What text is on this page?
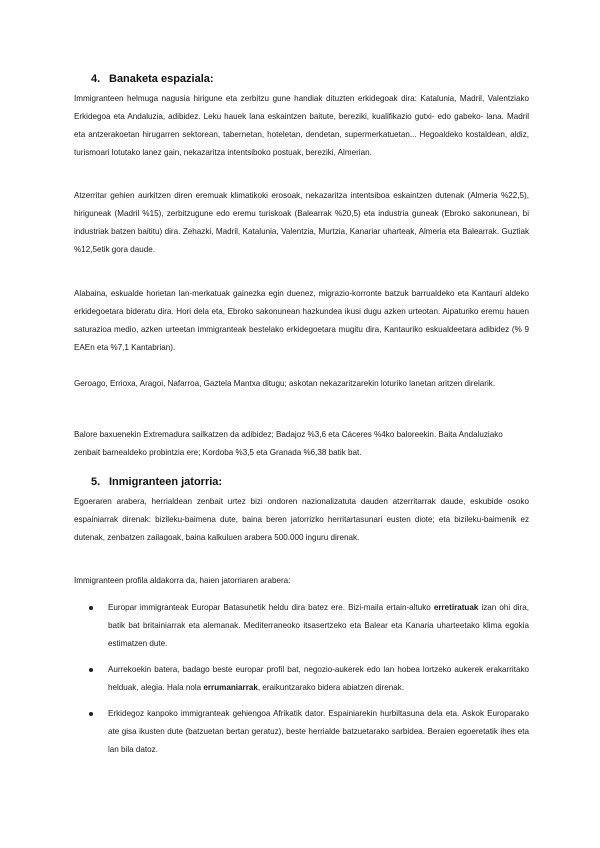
4. Banaketa espaziala:

Immigranteen helmuga nagusia hirigune eta zerbitzu gune handiak dituzten erkidegoak dira: Katalunia, Madril, Valentziako Erkidegoa eta Andaluzia, adibidez. Leku hauek lana eskaintzen baitute, bereziki, kualifikazio gutxi- edo gabeko- lana. Madril eta antzerakoetan hirugarren sektorean, tabernetan, hoteletan, dendetan, supermerkatuetan... Hegoaldeko kostaldean, aldiz, turismoari lotutako lanez gain, nekazaritza intentsiboko postuak, bereziki, Almerian.

Atzerritar gehien aurkitzen diren eremuak klimatikoki erosoak, nekazaritza intentsiboa eskaintzen dutenak (Almeria %22,5), hiriguneak (Madril %15), zerbitzugune edo eremu turiskoak (Balearrak %20,5) eta industria guneak (Ebroko sakonunean, bi industriak batzen baititu) dira. Zehazki, Madril, Katalunia, Valentzia, Murtzia, Kanariar uharteak, Almeria eta Balearrak. Guztiak %12,5etik gora daude.

Alabaina, eskualde horietan lan-merkatuak gainezka egin duenez, migrazio-korronte batzuk barrualdeko eta Kantauri aldeko erkidegoetara bideratu dira. Hori dela eta, Ebroko sakonunean hazkundea ikusi dugu azken urteotan. Aipaturiko eremu hauen saturazioa medio, azken urteetan immigranteak bestelako erkidegoetara mugitu dira, Kantauriko eskualdeetara adibidez (% 9 EAEn eta %7,1 Kantabrian).

Geroago, Errioxa, Aragoi, Nafarroa, Gaztela Mantxa ditugu; askotan nekazaritzarekin loturiko lanetan aritzen direlarik.

Balore baxuenekin Extremadura sailkatzen da adibidez; Badajoz %3,6 eta Cáceres %4ko baloreekin. Baita Andaluziako zenbait barnealdeko probintzia ere; Kordoba %3,5 eta Granada %6,38 batik bat.

5. Inmigranteen jatorria:

Egoeraren arabera, herrialdean zenbait urtez bizi ondoren nazionalizatuta dauden atzerritarrak daude, eskubide osoko espainiarrak direnak: bizileku-baimena dute, baina beren jatorrizko herritartasunari eusten diote; eta bizileku-baimenik ez dutenak, zenbatzen zailagoak, baina kalkuluen arabera 500.000 inguru direnak.

Immigranteen profila aldakorra da, haien jatorriaren arabera:

Europar immigranteak Europar Batasunetik heldu dira batez ere. Bizi-maila ertain-altuko erretiratuak izan ohi dira, batik bat britainiarrak eta alemanak. Mediterraneoko itsasertzeko eta Balear eta Kanaria uharteetako klima egokia estimatzen dute.
Aurrekoekin batera, badago beste europar profil bat, negozio-aukerek edo lan hobea lortzeko aukerek erakarritako helduak, alegia. Hala nola errumaniarrak, eraikuntzarako bidera abiatzen direnak.
Erkidegoz kanpoko immigranteak gehiengoa Afrikatik dator. Espainiarekin hurbiltasuna dela eta. Askok Europarako ate gisa ikusten dute (batzuetan bertan geratuz), beste herrialde batzuetarako sarbidea. Beraien egoeretatik ihes eta lan bila datoz.
